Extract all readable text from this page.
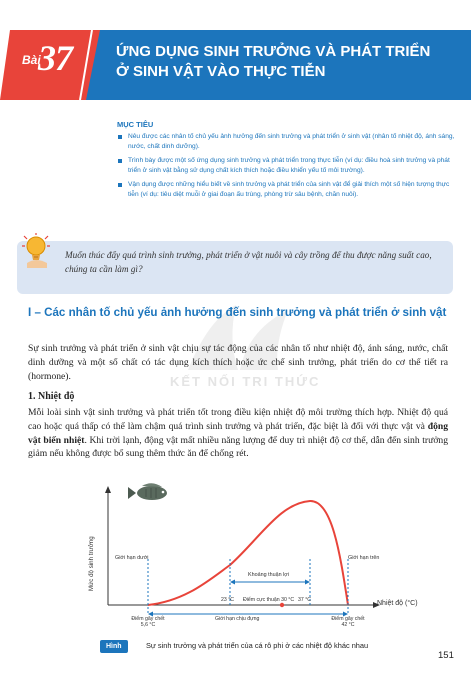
Bài
37	ỨNG DỤNG SINH TRƯỞNG VÀ PHÁT TRIỂN
Ở SINH VẬT VÀO THỰC TIỄN
MỤC TIÊU
Nêu được các nhân tố chủ yếu ảnh hưởng đến sinh trưởng và phát triển ở sinh vật (nhân tố nhiệt độ, ánh sáng, nước, chất dinh dưỡng).
Trình bày được một số ứng dụng sinh trưởng và phát triển trong thực tiễn (ví dụ: điều hoà sinh trưởng và phát triển ở sinh vật bằng sử dụng chất kích thích hoặc điều khiển yếu tố môi trường).
Vận dụng được những hiểu biết về sinh trưởng và phát triển của sinh vật để giải thích một số hiện tượng thực tiễn (ví dụ: tiêu diệt muỗi ở giai đoạn ấu trùng, phòng trừ sâu bệnh, chăn nuôi).
Muốn thúc đẩy quá trình sinh trưởng, phát triển ở vật nuôi và cây trồng để thu được năng suất cao, chúng ta cần làm gì?
KẾT NỐI TRI THỨC
I – Các nhân tố chủ yếu ảnh hưởng đến sinh trưởng và phát triển ở sinh vật
Sự sinh trưởng và phát triển ở sinh vật chịu sự tác động của các nhân tố như nhiệt độ, ánh sáng, nước, chất dinh dưỡng và một số chất có tác dụng kích thích hoặc ức chế sinh trưởng, phát triển do cơ thể tiết ra (hormone).
1. Nhiệt độ
Mỗi loài sinh vật sinh trưởng và phát triển tốt trong điều kiện nhiệt độ môi trường thích hợp. Nhiệt độ quá cao hoặc quá thấp có thể làm chậm quá trình sinh trưởng và phát triển, đặc biệt là đối với thực vật và động vật biến nhiệt. Khi trời lạnh, động vật mất nhiều năng lượng để duy trì nhiệt độ cơ thể, dẫn đến sinh trưởng giảm nếu không được bổ sung thêm thức ăn để chống rét.
Mức độ sinh trưởng	Giới hạn dưới	Giới hạn trên
Khoảng thuận lợi
23 °C Điểm cực thuận 30 °C 37 °C	Nhiệt độ (°C)
Điểm gây chết
5,6 °C
Giới hạn chịu đựng	Điểm gây chết
42 °C
Hình 37.1
Sự sinh trưởng và phát triển của cá rô phi ở các nhiệt độ khác nhau
151
